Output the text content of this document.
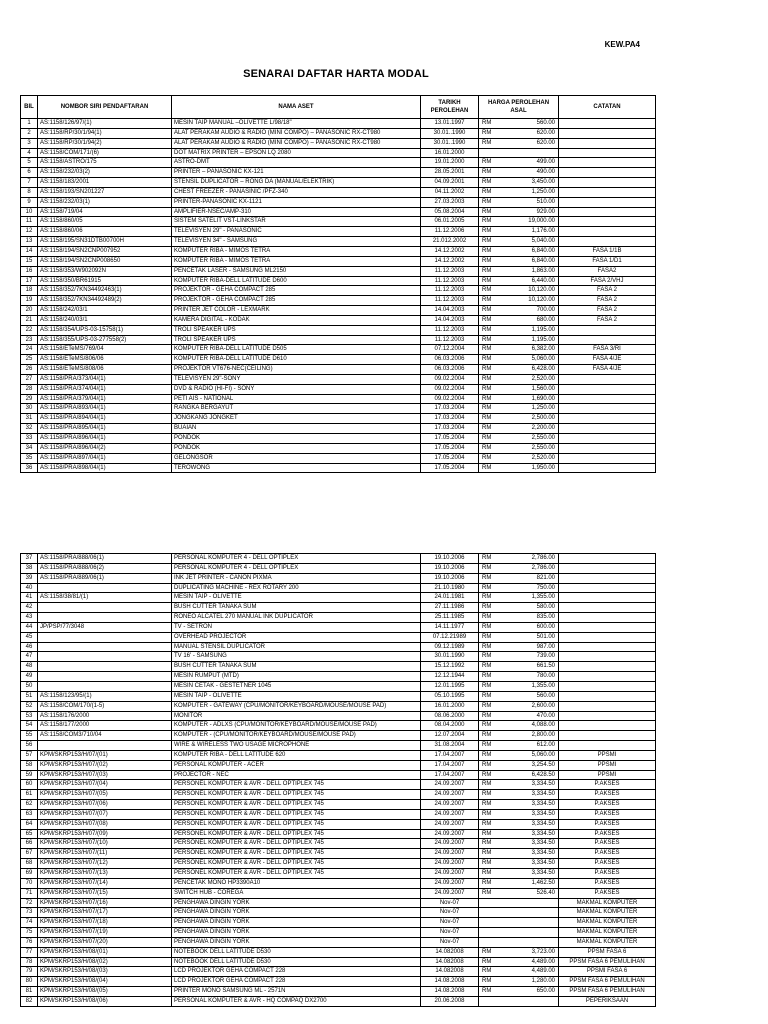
KEW.PA4
SENARAI DAFTAR HARTA MODAL
BIL	NOMBOR SIRI PENDAFTARAN	NAMA ASET	TARIKH PEROLEHAN	HARGA PEROLEHAN ASAL	CATATAN
1	AS:1158/126/97/(1)	MESIN TAIP MANUAL –OLIVETTE L/98/18"	13.01.1997	RM 560.00	

2	AS:1158/RP/30/1/94(1)	ALAT PERAKAM AUDIO & RADIO (MINI COMPO) – PANASONIC RX-CT980	30.01..1990	RM 620.00	

3	AS:1158/RP/30/1/94(2)	ALAT PERAKAM AUDIO & RADIO (MINI COMPO) – PANASONIC RX-CT980	30.01..1990	RM 620.00	

4	AS:1158/COM/171/(6)	DOT MATRIX PRINTER – EPSON LQ 2080	16.01.2000	

5	AS:1158/ASTRO/175	ASTRO-DMT	19.01.2000	RM 499.00	

6	AS:1158/232/03(2)	PRINTER – PANASONIC KX-121	28.05.2001	RM 490.00	

7	AS:1158/183/2001	STENSIL DUPLICATOR – RONG DA (MANUAL/ELEKTRIK)	04.09.2001	RM 3,450.00	

8	AS:1158/193/SN201227	CHEST FREEZER - PANASINIC /PFZ-340	04.11.2002	RM 1,250.00	

9	AS:1158/232/03(1)	PRINTER-PANASONIC KX-1121	27.03.2003	RM 510.00	

10	AS:1158/719/04	AMPLIFIER-NSEC/AMP-310	05.08.2004	RM 929.00	

11	AS:1158/860/05	SISTEM SATELIT VST-LINKSTAR	06.01.2005	RM 19,000.00	

12	AS:1158/860/06	TELEVISYEN 29" - PANASONIC	11.12.2006	RM 1,176.00	

13	AS:1158/195/SN31DTB00700H	TELEVISYEN 34" - SAMSUNG	21.012.2002	RM 5,040.00	

14	AS:1158/194/SN2CNP007952	KOMPUTER RIBA - MIMOS TETRA	14.12.2002	RM 6,840.00	FASA 1/1B
15	AS:1158/194/SN2CNP008650	KOMPUTER RIBA - MIMOS TETRA	14.12.2002	RM 6,840.00	FASA 1/D1
16	AS:1158/353/W902092N	PENCETAK LASER - SAMSUNG ML2150	11.12.2003	RM 1,863.00	FASA2
17	AS:1158/350/BR61915	KOMPUTER RIBA-DELL LATITUDE D600	11.12.2003	RM 6,440.00	FASA 2/VHJ
18	AS:1158/352/7KN34492463(1)	PROJEKTOR - GEHA COMPACT 285	11.12.2003	RM 10,120.00	FASA 2
19	AS:1158/352/7KN34492489(2)	PROJEKTOR - GEHA COMPACT 285	11.12.2003	RM 10,120.00	FASA 2
20	AS:1158/242/03/1	PRINTER JET COLOR - LEXMARK	14.04.2003	RM 700.00	FASA 2
21	AS:1158/240/03/1	KAMERA DIGITAL - KODAK	14.04.2003	RM 680.00	FASA 2
22	AS:1158/354/UPS-03-15758(1)	TROLI SPEAKER UPS	11.12.2003	RM 1,195.00	

23	AS:1158/355/UPS-03-277558(2)	TROLI SPEAKER UPS	11.12.2003	RM 1,195.00	

24	AS:1158/ETeMS/769/04	KOMPUTER RIBA-DELL LATITUDE D505	07.12.2004	RM 6,382.00	FASA 3/RI
25	AS:1158/ETeMS/806/06	KOMPUTER RIBA-DELL LATITUDE D610	06.03.2006	RM 5,060.00	FASA 4/JE
26	AS:1158/ETeMS/808/06	PROJEKTOR VT676-NEC(CEILING)	06.03.2006	RM 6,428.00	FASA 4/JE
27	AS:1158/PRA/373/04/(1)	TELEVISYEN 29"-SONY	09.02.2004	RM 2,520.00	

28	AS:1158/PRA/374/04/(1)	DVD & RADIO (HI-FI) - SONY	09.02.2004	RM 1,560.00	

29	AS:1158/PRA/379/04/(1)	PETI AIS - NATIONAL	09.02.2004	RM 1,690.00	

30	AS:1158/PRA/893/04/(1)	RANGKA BERGAYUT	17.03.2004	RM 1,250.00	

31	AS:1158/PRA/894/04/(1)	JONGKANG JONGKET	17.03.2004	RM 2,500.00	

32	AS:1158/PRA/895/04/(1)	BUAIAN	17.03.2004	RM 2,200.00	

33	AS:1158/PRA/896/04/(1)	PONDOK	17.05.2004	RM 2,550.00	

34	AS:1158/PRA/896/04/(2)	PONDOK	17.05.2004	RM 2,550.00	

35	AS:1158/PRA/897/04/(1)	GELONGSOR	17.05.2004	RM 2,520.00	

36	AS:1158/PRA/898/04/(1)	TEROWONG	17.05.2004	RM 1,950.00	

37	AS:1158/PRA/888/06(1)	PERSONAL KOMPUTER 4 - DELL OPTIPLEX	19.10.2006	RM 2,786.00	

38	AS:1158/PRA/888/06(2)	PERSONAL KOMPUTER 4 - DELL OPTIPLEX	19.10.2006	RM 2,786.00	

39	AS:1158/PRA/889/06(1)	INK JET PRINTER - CANON PIXMA	19.10.2006	RM 821.00	

40		DUPLICATING MACHINE - REX ROTARY 200	21.10.1980	RM 750.00	

41	AS:1158/38/81/(1)	MESIN TAIP - OLIVETTE	24.01.1981	RM 1,355.00	

42		BUSH CUTTER TANAKA SUM	27.11.1986	RM 580.00	

43		RONEO ALCATEL 270 MANUAL INK DUPLICATOR	25.11.1985	RM 835.00	

44	JP/PSP/77/3048	TV - SETRON	14.11.1977	RM 600.00	

45		OVERHEAD PROJECTOR	07.12.21989	RM 501.00	

46		MANUAL STENSIL DUPLICATOR	09.12.1989	RM 987.00	

47		TV 16' - SAMSUNG	30.01.1990	RM 739.00	

48		BUSH CUTTER TANAKA SUM	15.12.1992	RM 661.50	

49		MESIN RUMPUT (MTD)	12.12.1944	RM 780.00	

50		MESIN CETAK - GESTETNER 1045	12.01.1995	RM 1,355.00	

51	AS:1158/123/95/(1)	MESIN TAIP - OLIVETTE	05.10.1995	RM 560.00	

52	AS:1158/COM/170/(1-5)	KOMPUTER - GATEWAY (CPU/MONITOR/KEYBOARD/MOUSE/MOUSE PAD)	16.01.2000	RM 2,600.00	

53	AS:1158/176/2000	MONITOR	08.06.2000	RM 470.00	

54	AS:1158/177/2000	KOMPUTER - ADLXS (CPU/MONITOR/KEYBOARD/MOUSE/MOUSE PAD)	08.04.2000	RM 4,088.00	

55	AS:1158/COM3/710/04	KOMPUTER - (CPU/MONITOR/KEYBOARD/MOUSE/MOUSE PAD)	12.07.2004	RM 2,800.00	

56		WIRE & WIRELESS TWO USAGE MICROPHONE	31.08.2004	RM 612.00	

57	KPM/SKRP153/H/07/(01)	KOMPUTER RIBA - DELL LATITUDE 620	17.04.2007	RM 5,060.00	PPSMI
58	KPM/SKRP153/H/07/(02)	PERSONAL KOMPUTER - ACER	17.04.2007	RM 3,254.50	PPSMI
59	KPM/SKRP153/H/07/(03)	PROJECTOR - NEC	17.04.2007	RM 6,428.50	PPSMI
60	KPM/SKRP153/H/07/(04)	PERSONEL KOMPUTER & AVR - DELL OPTIPLEX 745	24.09.2007	RM 3,334.50	P.AKSES
61	KPM/SKRP153/H/07/(05)	PERSONEL KOMPUTER & AVR - DELL OPTIPLEX 745	24.09.2007	RM 3,334.50	P.AKSES
62	KPM/SKRP153/H/07/(06)	PERSONEL KOMPUTER & AVR - DELL OPTIPLEX 745	24.09.2007	RM 3,334.50	P.AKSES
63	KPM/SKRP153/H/07/(07)	PERSONEL KOMPUTER & AVR - DELL OPTIPLEX 745	24.09.2007	RM 3,334.50	P.AKSES
64	KPM/SKRP153/H/07/(08)	PERSONEL KOMPUTER & AVR - DELL OPTIPLEX 745	24.09.2007	RM 3,334.50	P.AKSES
65	KPM/SKRP153/H/07/(09)	PERSONEL KOMPUTER & AVR - DELL OPTIPLEX 745	24.09.2007	RM 3,334.50	P.AKSES
66	KPM/SKRP153/H/07/(10)	PERSONEL KOMPUTER & AVR - DELL OPTIPLEX 745	24.09.2007	RM 3,334.50	P.AKSES
67	KPM/SKRP153/H/07/(11)	PERSONEL KOMPUTER & AVR - DELL OPTIPLEX 745	24.09.2007	RM 3,334.50	P.AKSES
68	KPM/SKRP153/H/07/(12)	PERSONEL KOMPUTER & AVR - DELL OPTIPLEX 745	24.09.2007	RM 3,334.50	P.AKSES
69	KPM/SKRP153/H/07/(13)	PERSONEL KOMPUTER & AVR - DELL OPTIPLEX 745	24.09.2007	RM 3,334.50	P.AKSES
70	KPM/SKRP153/H/07/(14)	PENCETAK MONO HP3390A10	24.09.2007	RM 1,462.50	P.AKSES
71	KPM/SKRP153/H/07/(15)	SWITCH HUB - COREGA	24.09.2007	RM 526.40	P.AKSES
72	KPM/SKRP153/H/07/(16)	PENGHAWA DINGIN YORK	Nov-07		MAKMAL KOMPUTER
73	KPM/SKRP153/H/07/(17)	PENGHAWA DINGIN YORK	Nov-07		MAKMAL KOMPUTER
74	KPM/SKRP153/H/07/(18)	PENGHAWA DINGIN YORK	Nov-07		MAKMAL KOMPUTER
75	KPM/SKRP153/H/07/(19)	PENGHAWA DINGIN YORK	Nov-07		MAKMAL KOMPUTER
76	KPM/SKRP153/H/07/(20)	PENGHAWA DINGIN YORK	Nov-07		MAKMAL KOMPUTER
77	KPM/SKRP153/H/08/(01)	NOTEBOOK DELL LATITUDE D530	14.082008	RM 3,723.00	PPSM FASA 6
78	KPM/SKRP153/H/08/(02)	NOTEBOOK DELL LATITUDE D530	14.082008	RM 4,489.00	PPSM FASA 6 PEMULIHAN
79	KPM/SKRP153/H/08/(03)	LCD PROJEKTOR GEHA COMPACT 228	14.082008	RM 4,489.00	PPSMI FASA 6
80	KPM/SKRP153/H/08/(04)	LCD PROJEKTOR GEHA COMPACT 228	14.08.2008	RM 1,280.00	PPSM FASA 6 PEMULIHAN
81	KPM/SKRP153/H/08/(05)	PRINTER MONO SAMSUNG ML - 2571N	14.08.2008	RM 650.00	PPSM FASA 6 PEMULIHAN
82	KPM/SKRP153/H/08/(06)	PERSONAL KOMPUTER & AVR - HQ COMPAQ DX2700	20.06.2008		PEPERIKSAAN
